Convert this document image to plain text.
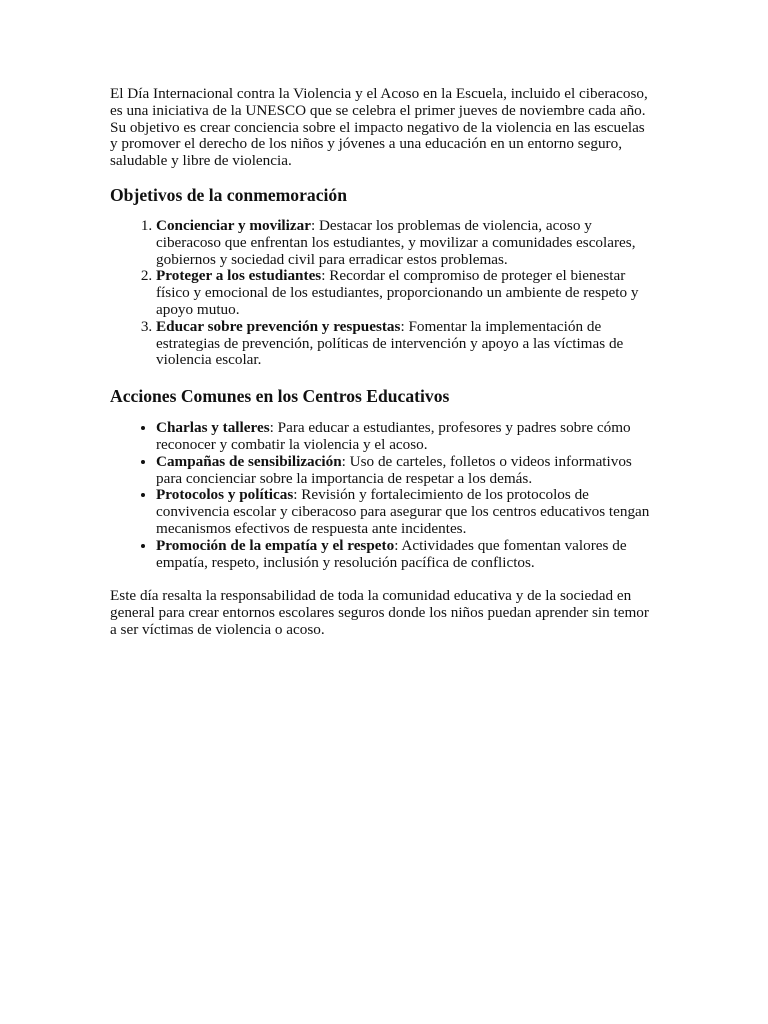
El Día Internacional contra la Violencia y el Acoso en la Escuela, incluido el ciberacoso, es una iniciativa de la UNESCO que se celebra el primer jueves de noviembre cada año. Su objetivo es crear conciencia sobre el impacto negativo de la violencia en las escuelas y promover el derecho de los niños y jóvenes a una educación en un entorno seguro, saludable y libre de violencia.

Objetivos de la conmemoración
1. Concienciar y movilizar: Destacar los problemas de violencia, acoso y ciberacoso que enfrentan los estudiantes, y movilizar a comunidades escolares, gobiernos y sociedad civil para erradicar estos problemas.
2. Proteger a los estudiantes: Recordar el compromiso de proteger el bienestar físico y emocional de los estudiantes, proporcionando un ambiente de respeto y apoyo mutuo.
3. Educar sobre prevención y respuestas: Fomentar la implementación de estrategias de prevención, políticas de intervención y apoyo a las víctimas de violencia escolar.
Acciones Comunes en los Centros Educativos
• Charlas y talleres: Para educar a estudiantes, profesores y padres sobre cómo reconocer y combatir la violencia y el acoso.
• Campañas de sensibilización: Uso de carteles, folletos o videos informativos para concienciar sobre la importancia de respetar a los demás.
• Protocolos y políticas: Revisión y fortalecimiento de los protocolos de convivencia escolar y ciberacoso para asegurar que los centros educativos tengan mecanismos efectivos de respuesta ante incidentes.
• Promoción de la empatía y el respeto: Actividades que fomentan valores de empatía, respeto, inclusión y resolución pacífica de conflictos.

Este día resalta la responsabilidad de toda la comunidad educativa y de la sociedad en general para crear entornos escolares seguros donde los niños puedan aprender sin temor a ser víctimas de violencia o acoso.
